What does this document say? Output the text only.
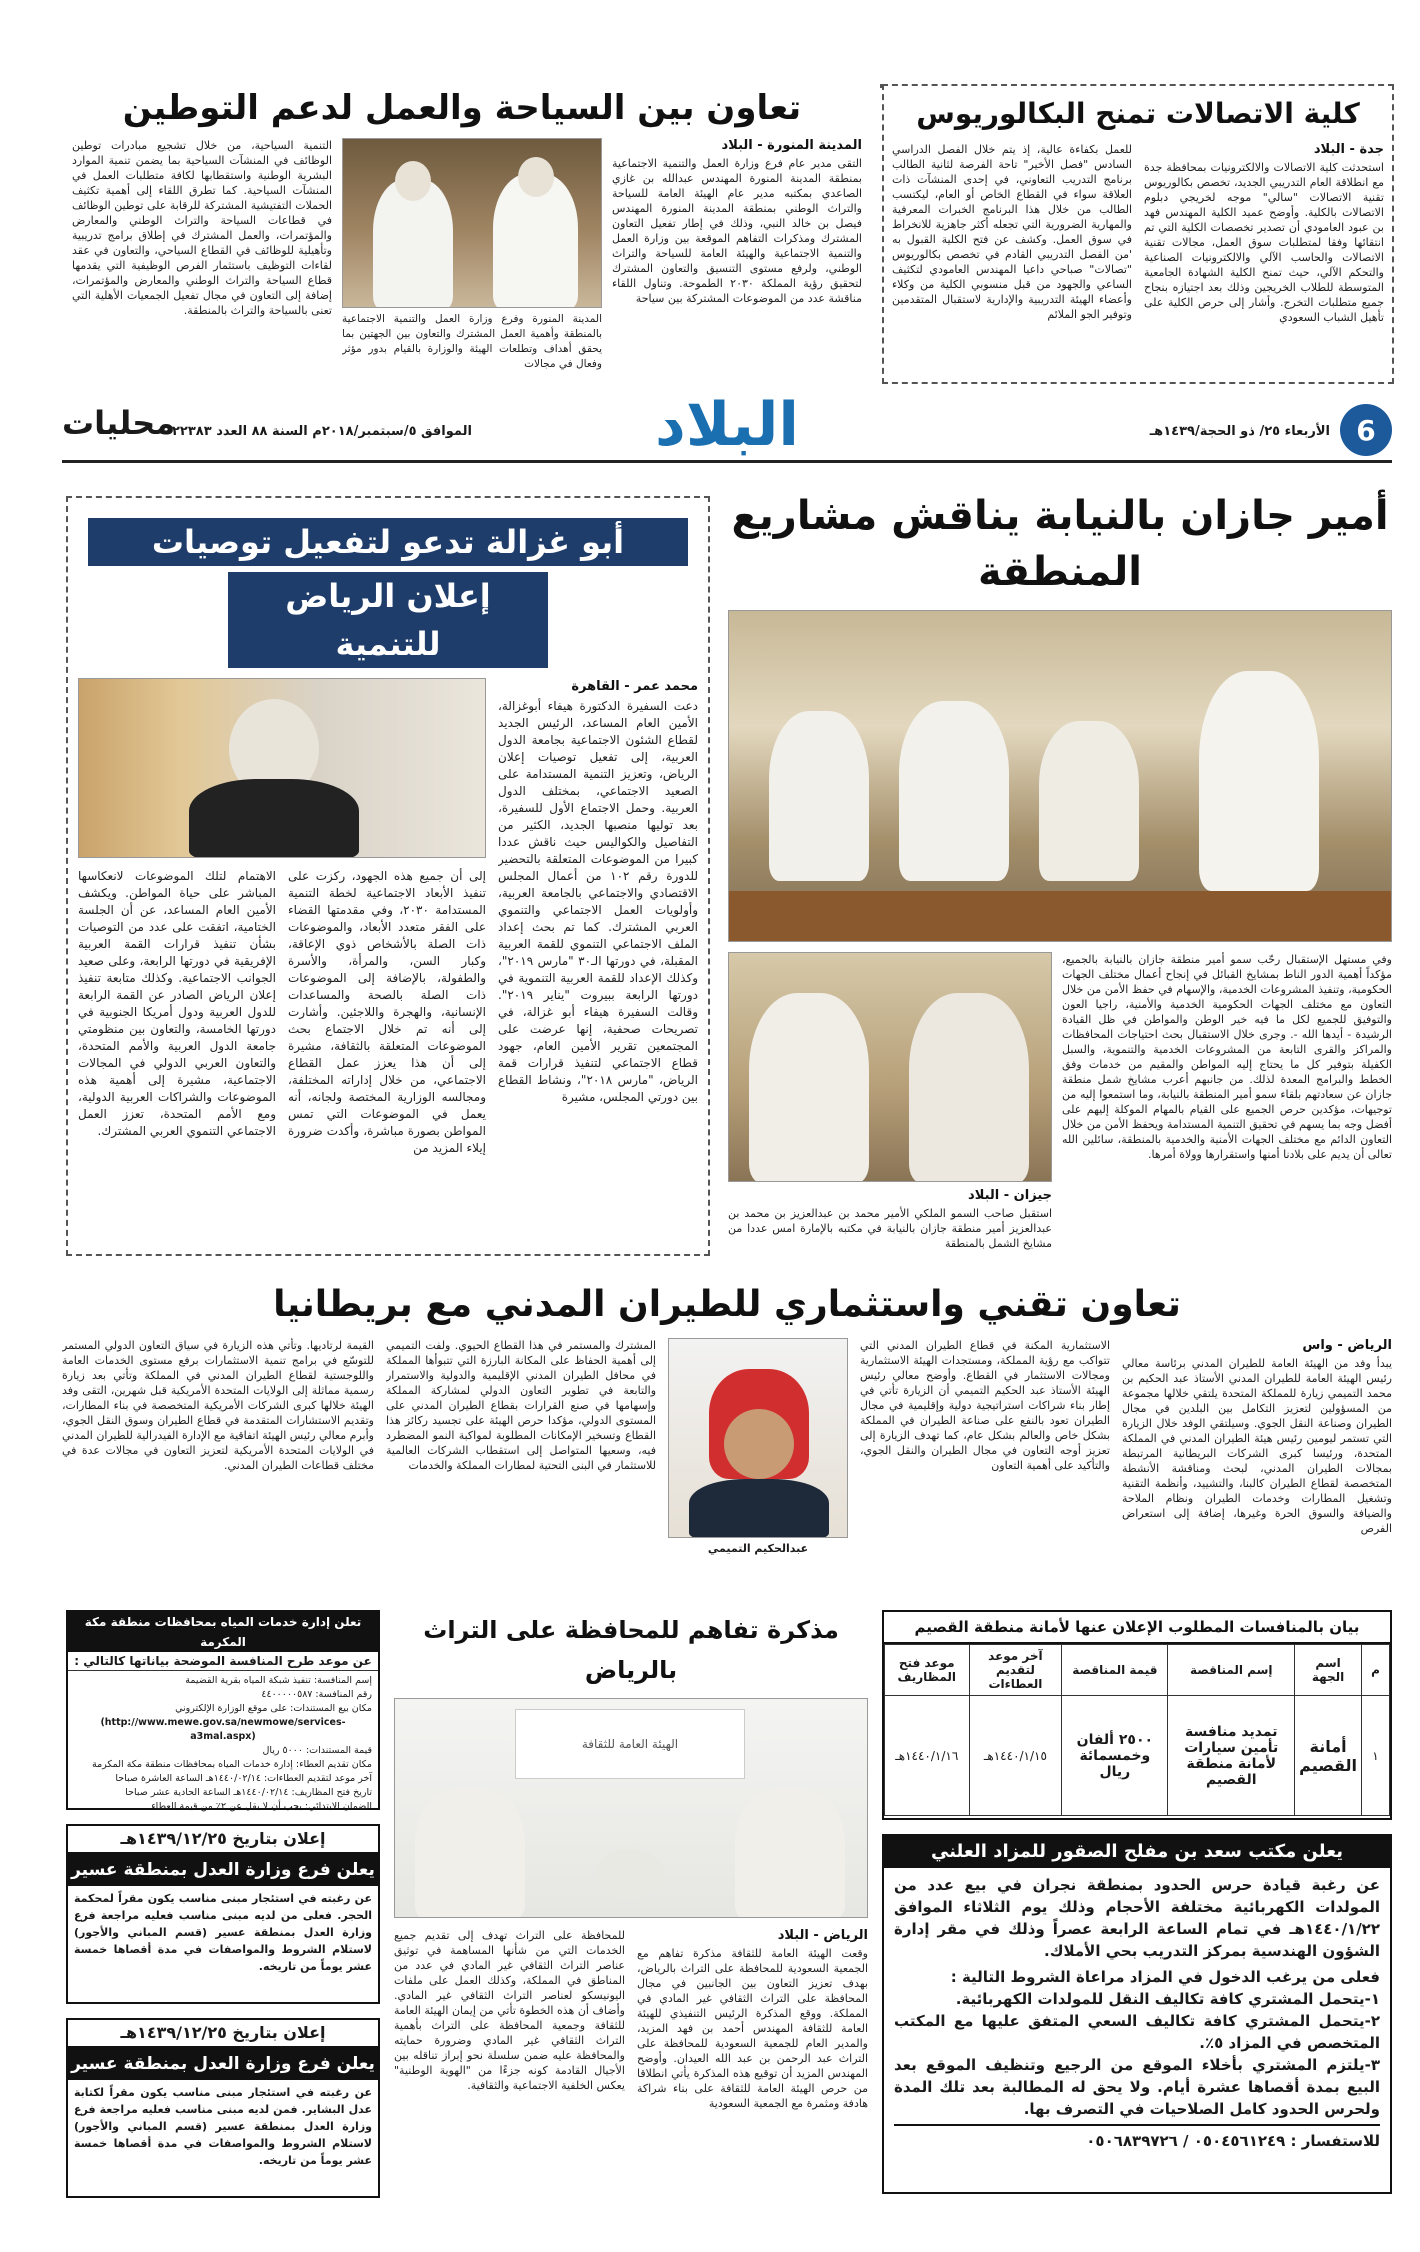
كلية الاتصالات تمنح البكالوريوس
جدة - البلاد
استحدثت كلية الاتصالات والالكترونيات بمحافظة جدة مع انطلاقة العام التدريبي الجديد، تخصص بكالوريوس تقنية الاتصالات "سالي" موجه لخريجي دبلوم الاتصالات بالكلية. وأوضح عميد الكلية المهندس فهد بن عبود العامودي أن تصدير تخصصات الكلية التي تم انتقائها وفقا لمتطلبات سوق العمل، مجالات تقنية الاتصالات والحاسب الآلي والالكترونيات الصناعية والتحكم الآلي، حيث تمنح الكلية الشهادة الجامعية المتوسطة للطلاب الخريجين وذلك بعد اجتيازه بنجاح جميع متطلبات التخرج. وأشار إلى حرص الكلية على تأهيل الشباب السعودي
للعمل بكفاءة عالية، إذ يتم خلال الفصل الدراسي السادس "فصل الأخير" تاحة الفرصة لثانية الطالب برنامج التدريب التعاوني، في إحدى المنشآت ذات العلاقة سواء في القطاع الخاص أو العام، ليكتسب الطالب من خلال هذا البرنامج الخبرات المعرفية والمهارية الضرورية التي تجعله أكثر جاهزية للانخراط في سوق العمل. وكشف عن فتح الكلية القبول به 'من الفصل التدريبي القادم في تخصص بكالوريوس "تصالات" صباحي داعيا المهندس العامودي لتكثيف الساعي والجهود من قبل منسوبي الكلية من وكلاء وأعضاء الهيئة التدريبية والإدارية لاستقبال المتقدمين وتوفير الجو الملائم
تعاون بين السياحة والعمل لدعم التوطين
المدينة المنورة - البلاد
التقى مدير عام فرع وزارة العمل والتنمية الاجتماعية بمنطقة المدينة المنورة المهندس عبدالله بن غازي الصاعدي بمكتبه مدير عام الهيئة العامة للسياحة والتراث الوطني بمنطقة المدينة المنورة المهندس فيصل بن خالد النبي، وذلك في إطار تفعيل التعاون المشترك ومذكرات التفاهم الموقعة بين وزارة العمل والتنمية الاجتماعية والهيئة العامة للسياحة والتراث الوطني، ولرفع مستوى التنسيق والتعاون المشترك لتحقيق رؤية المملكة ٢٠٣٠ الطموحة. وتناول اللقاء مناقشة عدد من الموضوعات المشتركة بين سياحة
المدينة المنورة وفرع وزارة العمل والتنمية الاجتماعية بالمنطقة وأهمية العمل المشترك والتعاون بين الجهتين بما يحقق أهداف وتطلعات الهيئة والوزارة بالقيام بدور مؤثر وفعال في مجالات
التنمية السياحية، من خلال تشجيع مبادرات توطين الوظائف في المنشآت السياحية بما يضمن تنمية الموارد البشرية الوطنية واستقطابها لكافة متطلبات العمل في المنشآت السياحية. كما تطرق اللقاء إلى أهمية تكثيف الحملات التفتيشية المشتركة للرقابة على توطين الوظائف في قطاعات السياحة والتراث الوطني والمعارض والمؤتمرات، والعمل المشترك في إطلاق برامج تدريبية وتأهيلية للوظائف في القطاع السياحي، والتعاون في عقد لقاءات التوظيف باستثمار الفرص الوظيفية التي يقدمها قطاع السياحة والتراث الوطني والمعارض والمؤتمرات، إضافة إلى التعاون في مجال تفعيل الجمعيات الأهلية التي تعنى بالسياحة والتراث بالمنطقة.
6
الأربعاء ٢٥/ ذو الحجة/١٤٣٩هـ
البلاد
الموافق ٥/سبتمبر/٢٠١٨م السنة ٨٨ العدد ٢٢٣٨٣
محليات
أمير جازان بالنيابة يناقش مشاريع المنطقة
وفي مستهل الإستقبال رحّب سمو أمير منطقة جازان بالنيابة بالجميع، مؤكداً أهمية الدور الناط بمشايخ القبائل في إنجاح أعمال مختلف الجهات الحكومية، وتنفيذ المشروعات الخدمية، والإسهام في حفظ الأمن من خلال التعاون مع مختلف الجهات الحكومية الخدمية والأمنية، راجيا العون والتوفيق للجميع لكل ما فيه خير الوطن والمواطن في ظل القيادة الرشيدة - أيدها الله -. وجرى خلال الاستقبال بحث احتياجات المحافظات والمراكز والقرى التابعة من المشروعات الخدمية والتنموية، والسبل الكفيلة بتوفير كل ما يحتاج إليه المواطن والمقيم من خدمات وفق الخطط والبرامج المعدة لذلك. من جانبهم أعرب مشايخ شمل منطقة جازان عن سعادتهم بلقاء سمو أمير المنطقة بالنيابة، وما استمعوا إليه من توجيهات، مؤكدين حرص الجميع على القيام بالمهام الموكلة إليهم على أفضل وجه بما يسهم في تحقيق التنمية المستدامة ويحفظ الأمن من خلال التعاون الدائم مع مختلف الجهات الأمنية والخدمية بالمنطقة، سائلين الله تعالى أن يديم على بلادنا أمنها واستقرارها وولاة أمرها.
جيزان - البلاد
استقبل صاحب السمو الملكي الأمير محمد بن عبدالعزيز بن محمد بن عبدالعزيز أمير منطقة جازان بالنيابة في مكتبه بالإمارة امس عددا من مشايخ الشمل بالمنطقة
أبو غزالة تدعو لتفعيل توصيات
إعلان الرياض للتنمية
محمد عمر - القاهرة
دعت السفيرة الدكتورة هيفاء أبوغزالة، الأمين العام المساعد، الرئيس الجديد لقطاع الشئون الاجتماعية بجامعة الدول العربية، إلى تفعيل توصيات إعلان الرياض، وتعزيز التنمية المستدامة على الصعيد الاجتماعي، بمختلف الدول العربية. وحمل الاجتماع الأول للسفيرة، بعد توليها منصبها الجديد، الكثير من التفاصيل والكواليس حيث ناقش عددا كبيرا من الموضوعات المتعلقة بالتحضير للدورة رقم ١٠٢ من أعمال المجلس الاقتصادي والاجتماعي بالجامعة العربية، وأولويات العمل الاجتماعي والتنموي العربي المشترك. كما تم بحث إعداد الملف الاجتماعي التنموي للقمة العربية المقبلة، في دورتها الـ٣٠ "مارس ٢٠١٩"، وكذلك الإعداد للقمة العربية التنموية في دورتها الرابعة ببيروت "يناير ٢٠١٩". وقالت السفيرة هيفاء أبو غزالة، في تصريحات صحفية، إنها عرضت على المجتمعين تقرير الأمين العام، جهود قطاع الاجتماعي لتنفيذ قرارات قمة الرياض، "مارس ٢٠١٨"، ونشاط القطاع بين دورتي المجلس، مشيرة
إلى أن جميع هذه الجهود، ركزت على تنفيذ الأبعاد الاجتماعية لخطة التنمية المستدامة ٢٠٣٠، وفي مقدمتها القضاء على الفقر متعدد الأبعاد، والموضوعات ذات الصلة بالأشخاص ذوي الإعاقة، وكبار السن، والمرأة، والأسرة والطفولة، بالإضافة إلى الموضوعات ذات الصلة بالصحة والمساعدات الإنسانية، والهجرة واللاجئين. وأشارت إلى أنه تم خلال الاجتماع بحث الموضوعات المتعلقة بالثقافة، مشيرة إلى أن هذا يعزز عمل القطاع الاجتماعي، من خلال إداراته المختلفة، ومجالسه الوزارية المختصة ولجانه، أنه يعمل في الموضوعات التي تمس المواطن بصورة مباشرة، وأكدت ضرورة إيلاء المزيد من
الاهتمام لتلك الموضوعات لانعكاسها المباشر على حياة المواطن. ويكشف الأمين العام المساعد، عن أن الجلسة الختامية، اتفقت على عدد من التوصيات بشأن تنفيذ قرارات القمة العربية الإفريقية في دورتها الرابعة، وعلى صعيد الجوانب الاجتماعية. وكذلك متابعة تنفيذ إعلان الرياض الصادر عن القمة الرابعة للدول العربية ودول أمريكا الجنوبية في دورتها الخامسة، والتعاون بين منظومتي جامعة الدول العربية والأمم المتحدة، والتعاون العربي الدولي في المجالات الاجتماعية، مشيرة إلى أهمية هذه الموضوعات والشراكات العربية الدولية، ومع الأمم المتحدة، تعزز العمل الاجتماعي التنموي العربي المشترك.
تعاون تقني واستثماري للطيران المدني مع بريطانيا
الرياض - واس
يبدأ وفد من الهيئة العامة للطيران المدني برئاسة معالي رئيس الهيئة العامة للطيران المدني الأستاذ عبد الحكيم بن محمد التميمي زيارة للمملكة المتحدة يلتقي خلالها مجموعة من المسؤولين لتعزيز التكامل بين البلدين في مجال الطيران وصناعة النقل الجوي. وسيلتقي الوفد خلال الزيارة التي تستمر ليومين رئيس هيئة الطيران المدني في المملكة المتحدة، ورئيسا كبرى الشركات البريطانية المرتبطة بمجالات الطيران المدني، لبحث ومناقشة الأنشطة المتخصصة لقطاع الطيران كالبنا، والتشييد، وأنظمة التقنية وتشغيل المطارات وخدمات الطيران ونظام الملاحة والضيافة والسوق الحرة وغيرها، إضافة إلى استعراض الفرص
الاستثمارية المكنة في قطاع الطيران المدني التي تتواكب مع رؤية المملكة، ومستجدات الهيئة الاستثمارية ومجالات الاستثمار في القطاع. وأوضح معالي رئيس الهيئة الأستاذ عبد الحكيم التميمي أن الزيارة تأتي في إطار بناء شراكات استراتيجية دولية وإقليمية في مجال الطيران تعود بالنفع على صناعة الطيران في المملكة بشكل خاص والعالم بشكل عام، كما تهدف الزيارة إلى تعزيز أوجه التعاون في مجال الطيران والنقل الجوي، والتأكيد على أهمية التعاون
عبدالحكيم التميمي
المشترك والمستمر في هذا القطاع الحيوي. ولفت التميمي إلى أهمية الحفاظ على المكانة البارزة التي تتبوأها المملكة في محافل الطيران المدني الإقليمية والدولية والاستمرار والتابعة في تطوير التعاون الدولي لمشاركة المملكة وإسهامها في صنع القرارات بقطاع الطيران المدني على المستوى الدولي، مؤكدا حرص الهيئة على تجسيد ركائز هذا القطاع وتسخير الإمكانات المطلوبة لمواكبة النمو المضطرد فيه، وسعيها المتواصل إلى استقطاب الشركات العالمية للاستثمار في البنى التحتية لمطارات المملكة والخدمات
القيمة لرتاديها. وتأتي هذه الزيارة في سياق التعاون الدولي المستمر للتوسّع في برامج تنمية الاستثمارات برفع مستوى الخدمات العامة واللوجستية لقطاع الطيران المدني في المملكة وتأتي بعد زيارة رسمية مماثلة إلى الولايات المتحدة الأمريكية قبل شهرين، التقى وفد الهيئة خلالها كبرى الشركات الأمريكية المتخصصة في بناء المطارات، وتقديم الاستشارات المتقدمة في قطاع الطيران وسوق النقل الجوي، وأبرم معالي رئيس الهيئة اتفاقية مع الإدارة الفيدرالية للطيران المدني في الولايات المتحدة الأمريكية لتعزيز التعاون في مجالات عدة في مختلف قطاعات الطيران المدني.
بيان بالمنافسات المطلوب الإعلان عنها لأمانة منطقة القصيم
م	اسم الجهة	إسم المناقصة	قيمة المناقصة	آخر موعد لتقديم العطاءات	موعد فتح المظاريف
١	أمانة القصيم	تمديد منافسة تأمين سيارات لأمانة منطقة القصيم	٢٥٠٠ ألفان وخمسمائة ريال	١٤٤٠/١/١٥هـ	١٤٤٠/١/١٦هـ
يعلن مكتب سعد بن مفلح الصقور للمزاد العلني
عن رغبة قيادة حرس الحدود بمنطقة نجران في بيع عدد من المولدات الكهربائية مختلفة الأحجام وذلك يوم الثلاثاء الموافق ١٤٤٠/١/٢٢هـ في تمام الساعة الرابعة عصراً وذلك في مقر إدارة الشؤون الهندسية بمركز التدريب بحي الأملاك.
فعلى من يرغب الدخول في المزاد مراعاة الشروط التالية :
١-يتحمل المشتري كافة تكاليف النقل للمولدات الكهربائية.
٢-يتحمل المشتري كافة تكاليف السعي المتفق عليها مع المكتب المتخصص في المزاد ٥٪.
٣-يلتزم المشتري بأخلاء الموقع من الرجيع وتنظيف الموقع بعد البيع بمدة أقصاها عشرة أيام. ولا يحق له المطالبة بعد تلك المدة ولحرس الحدود كامل الصلاحيات في التصرف بها.
للاستفسار : ٠٥٠٤٥٦١٢٤٩ / ٠٥٠٦٨٣٩٧٢٦
مذكرة تفاهم للمحافظة على التراث بالرياض
الهيئة العامة للثقافة
الرياض - البلاد
وقعت الهيئة العامة للثقافة مذكرة تفاهم مع الجمعية السعودية للمحافظة على التراث بالرياض، بهدف تعزيز التعاون بين الجانبين في مجال المحافظة على التراث الثقافي غير المادي في المملكة. ووقع المذكرة الرئيس التنفيذي للهيئة العامة للثقافة المهندس أحمد بن فهد المزيد، والمدير العام للجمعية السعودية للمحافظة على التراث عبد الرحمن بن عبد الله العيدان. وأوضح المهندس المزيد أن توقيع هذه المذكرة يأتي انطلاقا من حرص الهيئة العامة للثقافة على بناء شراكة هادفة ومثمرة مع الجمعية السعودية
للمحافظة على التراث تهدف إلى تقديم جميع الخدمات التي من شأنها المساهمة في توثيق عناصر التراث الثقافي غير المادي في عدد من المناطق في المملكة، وكذلك العمل على ملفات اليونيسكو لعناصر التراث الثقافي غير المادي. وأضاف أن هذه الخطوة تأتي من إيمان الهيئة العامة للثقافة وجمعية المحافظة على التراث بأهمية التراث الثقافي غير المادي وضرورة حمايته والمحافظة عليه ضمن سلسلة نحو إبراز تناقله بين الأجيال القادمة كونه جزءًا من "الهوية الوطنية" يعكس الخلفية الاجتماعية والثقافية.
تعلن إدارة خدمات المياه بمحافظات منطقة مكة المكرمة
عن موعد طرح المنافسة الموضحة بياناتها كالتالي :
إسم المنافسة: تنفيذ شبكة المياه بقرية القضيمة
رقم المنافسة: ٤٤٠٠٠٠٠٥٨٧
مكان بيع المستندات: على موقع الوزارة الإلكتروني
(http://www.mewe.gov.sa/newmowe/services-a3mal.aspx)
قيمة المستندات: ٥٠٠٠ ريال
مكان تقديم العطاء: إدارة خدمات المياه بمحافظات منطقة مكة المكرمة
آخر موعد لتقديم العطاءات: ١٤٤٠/٠٢/١٤هـ الساعة العاشرة صباحا
تاريخ فتح المظاريف: ١٤٤٠/٠٢/١٤هـ الساعة الحادية عشر صباحا
الضمان الابتدائي: يجب أن لا يقل عن ٢٪ من قيمة العطاء
إعلان بتاريخ ١٤٣٩/١٢/٢٥هـ
يعلن فرع وزارة العدل بمنطقة عسير
عن رغبته في استئجار مبنى مناسب يكون مقراً لمحكمة الحجر. فعلى من لديه مبنى مناسب فعليه مراجعة فرع وزارة العدل بمنطقة عسير (قسم المباني والأجور) لاستلام الشروط والمواصفات في مدة أقصاها خمسة عشر يوماً من تاريخه.
إعلان بتاريخ ١٤٣٩/١٢/٢٥هـ
يعلن فرع وزارة العدل بمنطقة عسير
عن رغبته في استئجار مبنى مناسب يكون مقراً لكتابة عدل البشاير. فمن لديه مبنى مناسب فعليه مراجعة فرع وزارة العدل بمنطقة عسير (قسم المباني والأجور) لاستلام الشروط والمواصفات في مدة أقصاها خمسة عشر يوماً من تاريخه.
